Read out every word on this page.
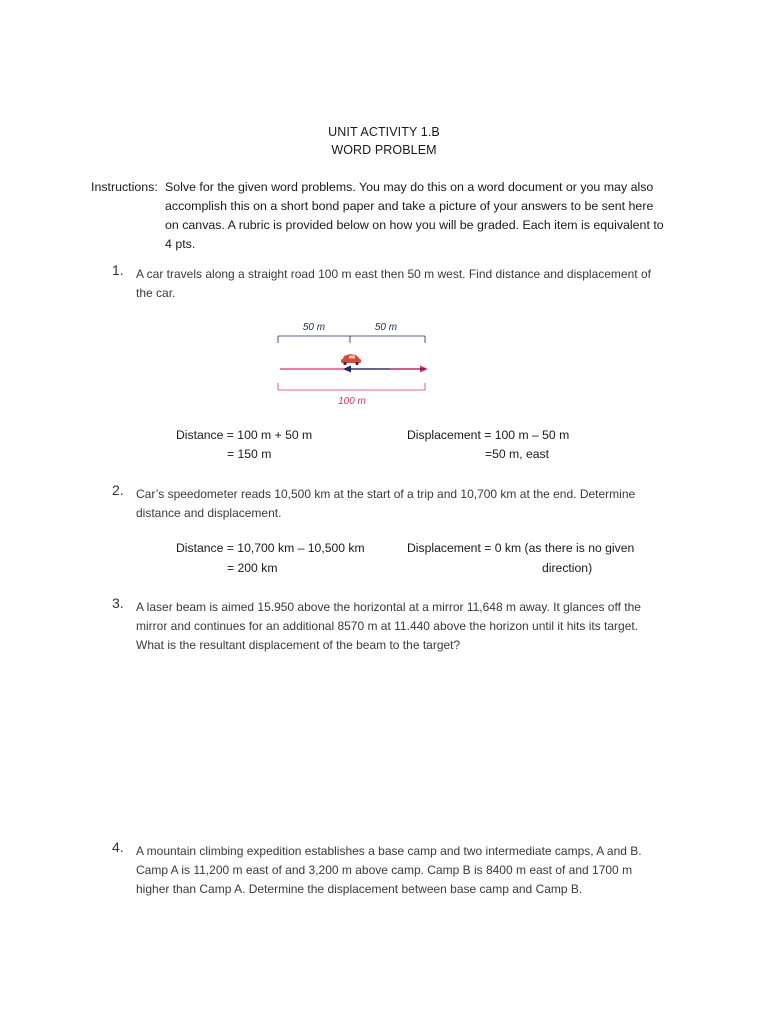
UNIT ACTIVITY 1.B
WORD PROBLEM
Instructions: Solve for the given word problems. You may do this on a word document or you may also
accomplish this on a short bond paper and take a picture of your answers to be sent here
on canvas. A rubric is provided below on how you will be graded. Each item is equivalent to
4 pts.
1. A car travels along a straight road 100 m east then 50 m west. Find distance and displacement of
the car.
50 m	50 m
100 m
Distance = 100 m + 50 m
= 150 m
Displacement = 100 m – 50 m
=50 m, east
2. Car’s speedometer reads 10,500 km at the start of a trip and 10,700 km at the end. Determine
distance and displacement.
Distance = 10,700 km – 10,500 km
= 200 km
Displacement = 0 km (as there is no given
direction)
3. A laser beam is aimed 15.950 above the horizontal at a mirror 11,648 m away. It glances off the
mirror and continues for an additional 8570 m at 11.440 above the horizon until it hits its target.
What is the resultant displacement of the beam to the target?
4. A mountain climbing expedition establishes a base camp and two intermediate camps, A and B.
Camp A is 11,200 m east of and 3,200 m above camp. Camp B is 8400 m east of and 1700 m
higher than Camp A. Determine the displacement between base camp and Camp B.
